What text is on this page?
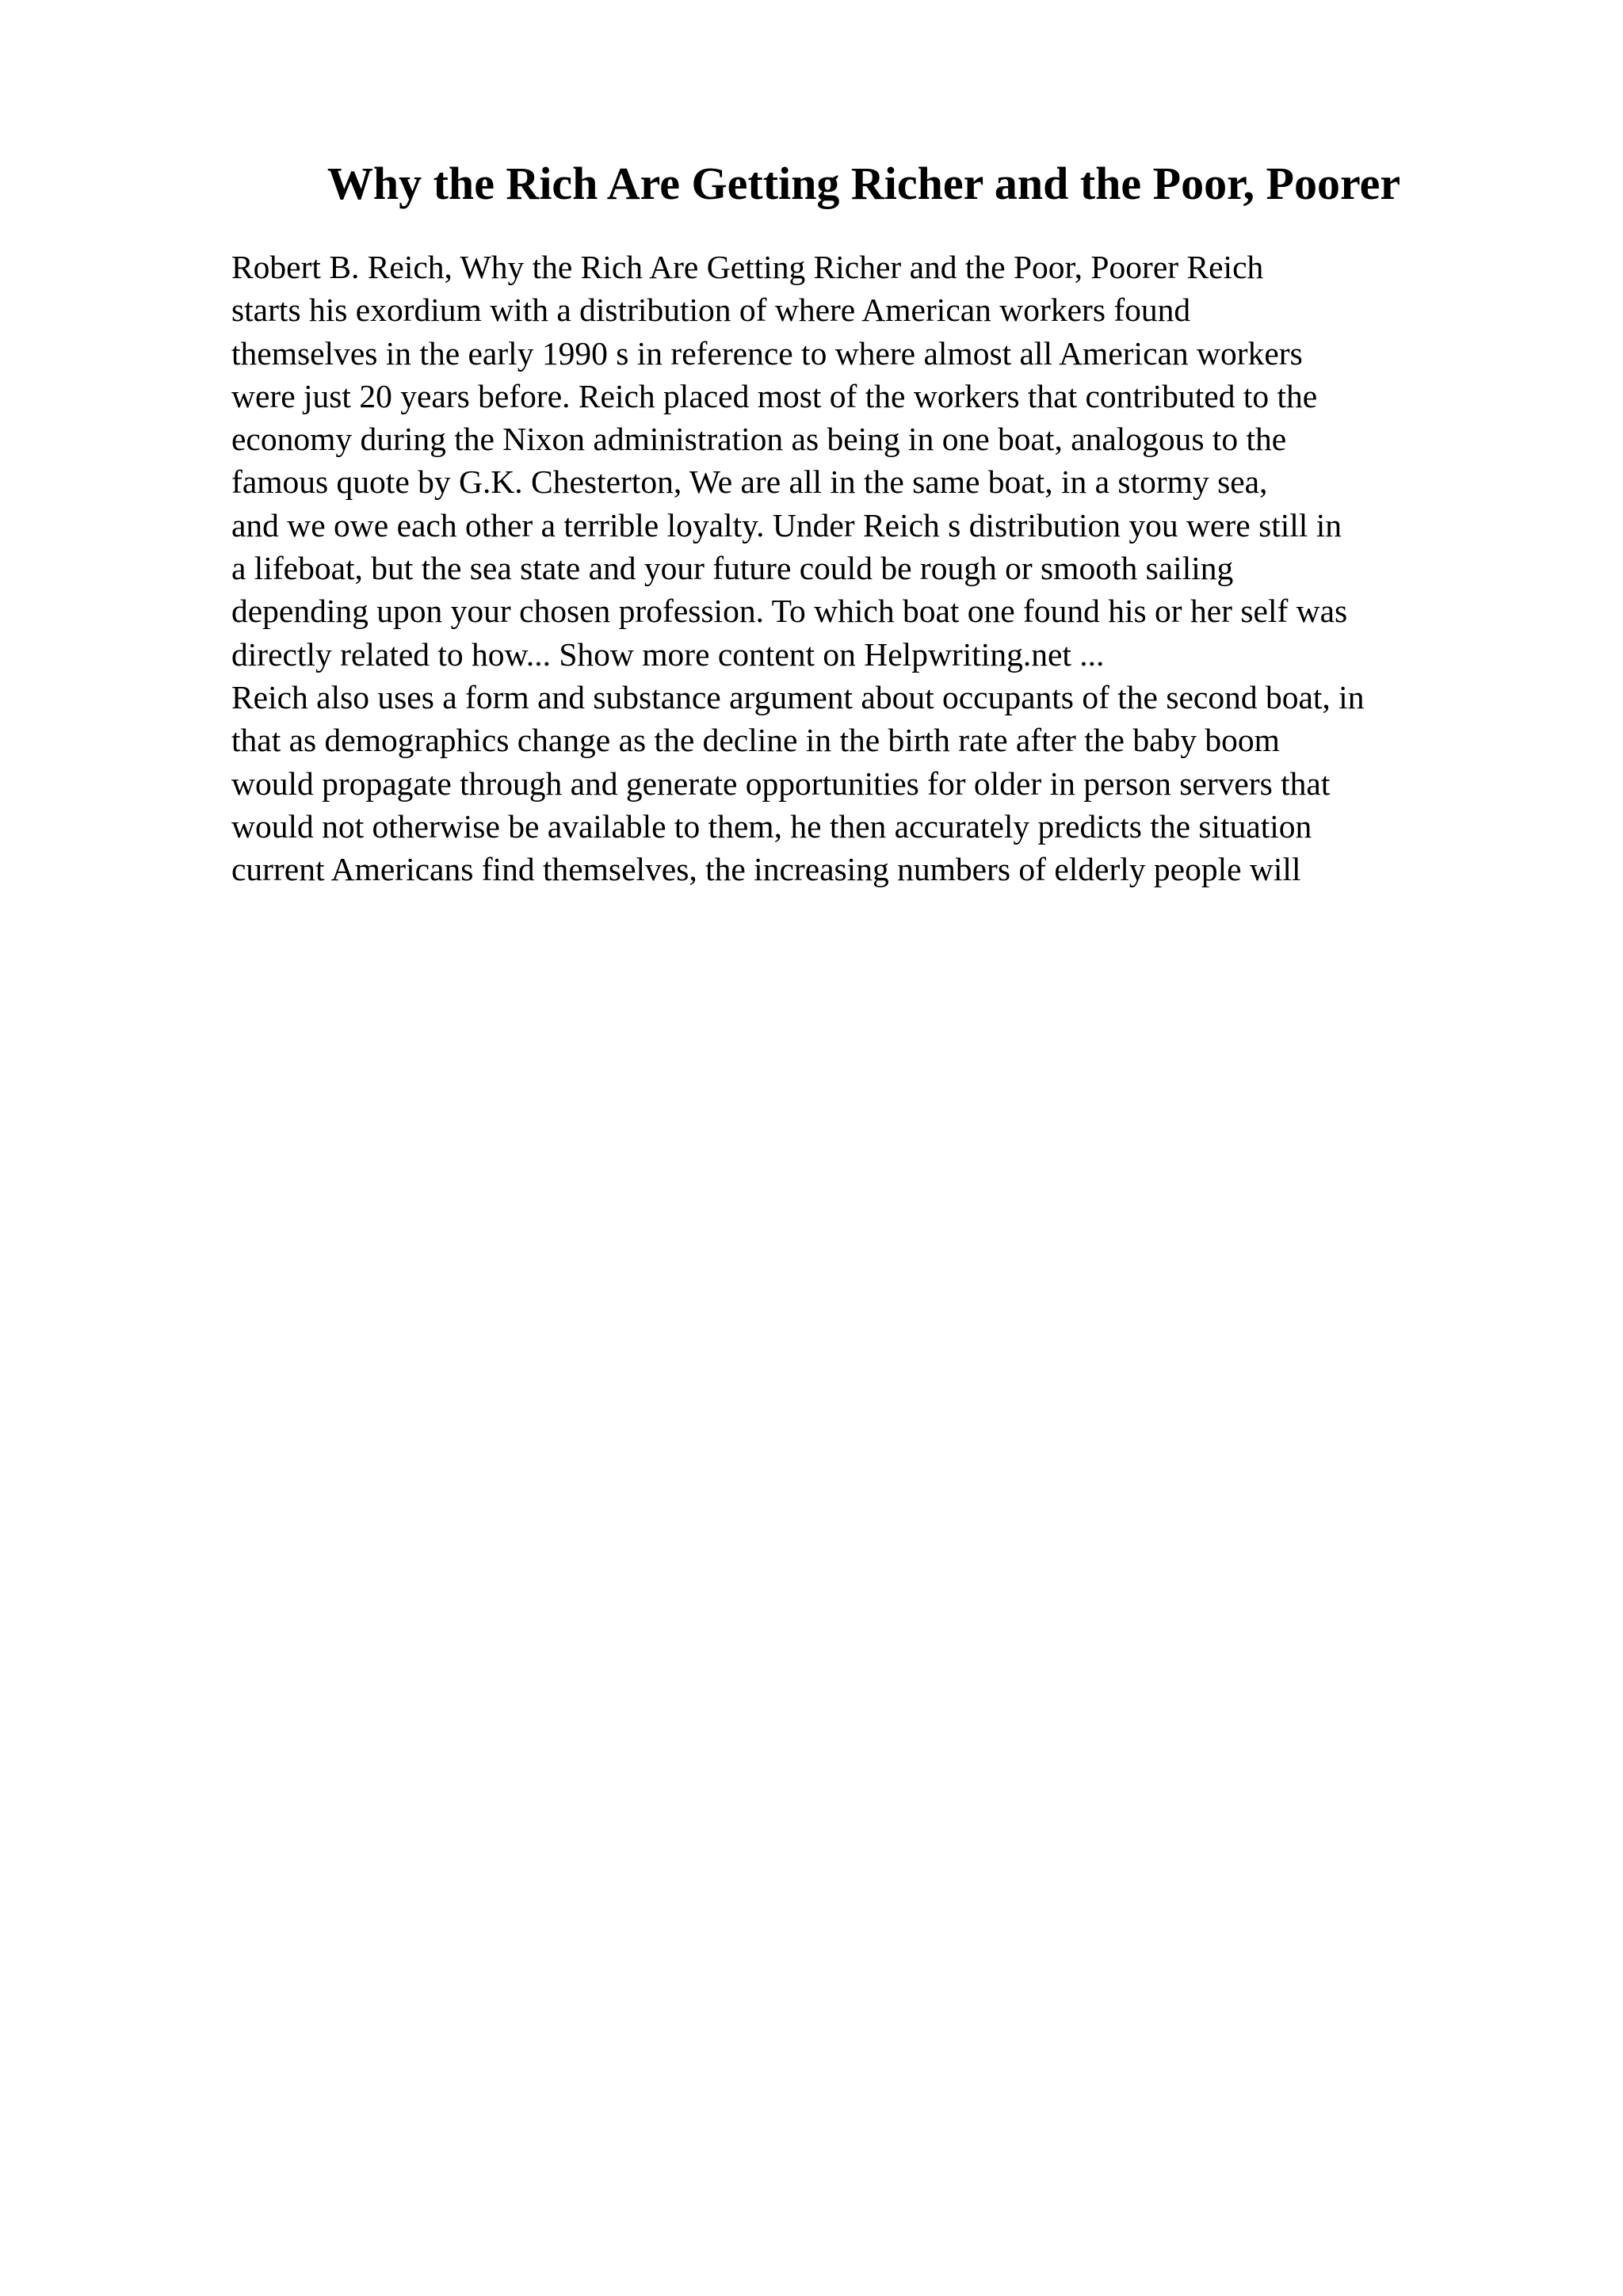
Why the Rich Are Getting Richer and the Poor, Poorer
Robert B. Reich, Why the Rich Are Getting Richer and the Poor, Poorer Reich
starts his exordium with a distribution of where American workers found
themselves in the early 1990 s in reference to where almost all American workers
were just 20 years before. Reich placed most of the workers that contributed to the
economy during the Nixon administration as being in one boat, analogous to the
famous quote by G.K. Chesterton, We are all in the same boat, in a stormy sea,
and we owe each other a terrible loyalty. Under Reich s distribution you were still in
a lifeboat, but the sea state and your future could be rough or smooth sailing
depending upon your chosen profession. To which boat one found his or her self was
directly related to how... Show more content on Helpwriting.net ...
Reich also uses a form and substance argument about occupants of the second boat, in
that as demographics change as the decline in the birth rate after the baby boom
would propagate through and generate opportunities for older in person servers that
would not otherwise be available to them, he then accurately predicts the situation
current Americans find themselves, the increasing numbers of elderly people will
